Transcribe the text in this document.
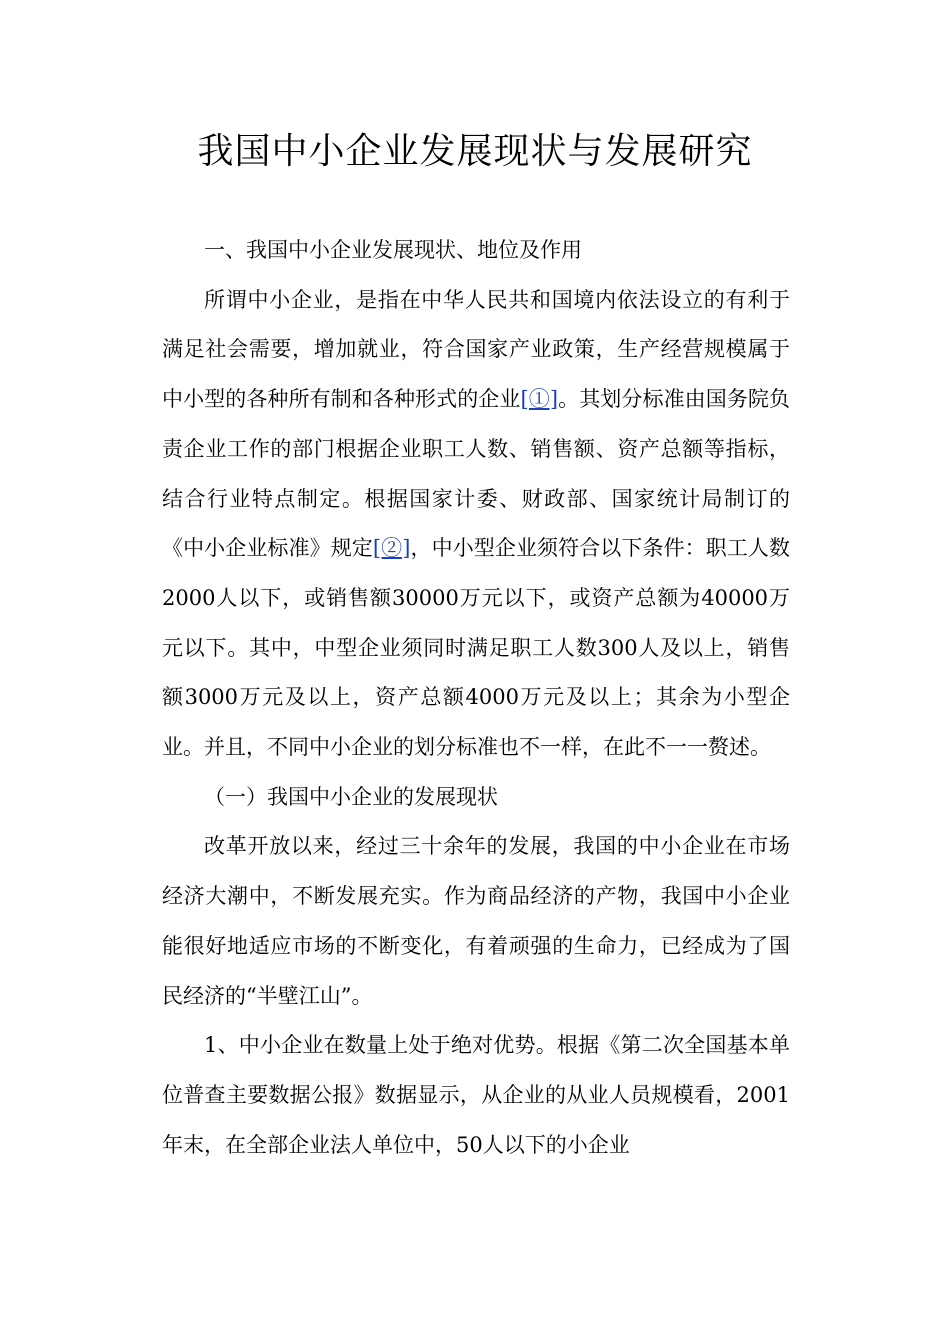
我国中小企业发展现状与发展研究

一、我国中小企业发展现状、地位及作用

所谓中小企业，是指在中华人民共和国境内依法设立的有利于满足社会需要，增加就业，符合国家产业政策，生产经营规模属于中小型的各种所有制和各种形式的企业[①]。其划分标准由国务院负责企业工作的部门根据企业职工人数、销售额、资产总额等指标，结合行业特点制定。根据国家计委、财政部、国家统计局制订的《中小企业标准》规定[②]，中小型企业须符合以下条件：职工人数2000人以下，或销售额30000万元以下，或资产总额为40000万元以下。其中，中型企业须同时满足职工人数300人及以上，销售额3000万元及以上，资产总额4000万元及以上；其余为小型企业。并且，不同中小企业的划分标准也不一样，在此不一一赘述。

（一）我国中小企业的发展现状

改革开放以来，经过三十余年的发展，我国的中小企业在市场经济大潮中，不断发展充实。作为商品经济的产物，我国中小企业能很好地适应市场的不断变化，有着顽强的生命力，已经成为了国民经济的“半壁江山”。

1、中小企业在数量上处于绝对优势。根据《第二次全国基本单位普查主要数据公报》数据显示，从企业的从业人员规模看，2001年末，在全部企业法人单位中，50人以下的小企业
